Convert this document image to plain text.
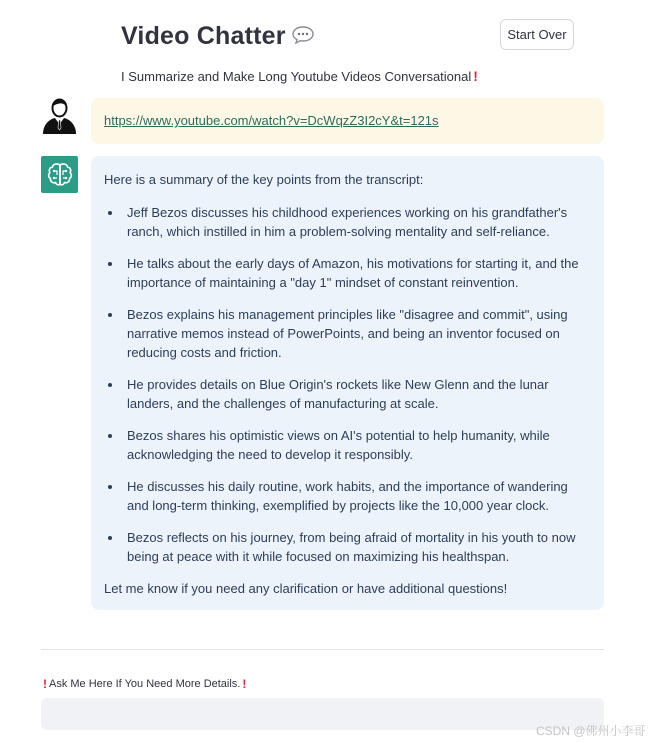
Video Chatter	Start Over
I Summarize and Make Long Youtube Videos Conversational !
https://www.youtube.com/watch?v=DcWqzZ3I2cY&t=121s

Here is a summary of the key points from the transcript:

Jeff Bezos discusses his childhood experiences working on his grandfather's ranch, which instilled in him a problem-solving mentality and self-reliance.
He talks about the early days of Amazon, his motivations for starting it, and the importance of maintaining a "day 1" mindset of constant reinvention.
Bezos explains his management principles like "disagree and commit", using narrative memos instead of PowerPoints, and being an inventor focused on reducing costs and friction.
He provides details on Blue Origin's rockets like New Glenn and the lunar landers, and the challenges of manufacturing at scale.
Bezos shares his optimistic views on AI's potential to help humanity, while acknowledging the need to develop it responsibly.
He discusses his daily routine, work habits, and the importance of wandering and long-term thinking, exemplified by projects like the 10,000 year clock.
Bezos reflects on his journey, from being afraid of mortality in his youth to now being at peace with it while focused on maximizing his healthspan.

Let me know if you need any clarification or have additional questions!

! Ask Me Here If You Need More Details. !
CSDN @佛州小李哥
